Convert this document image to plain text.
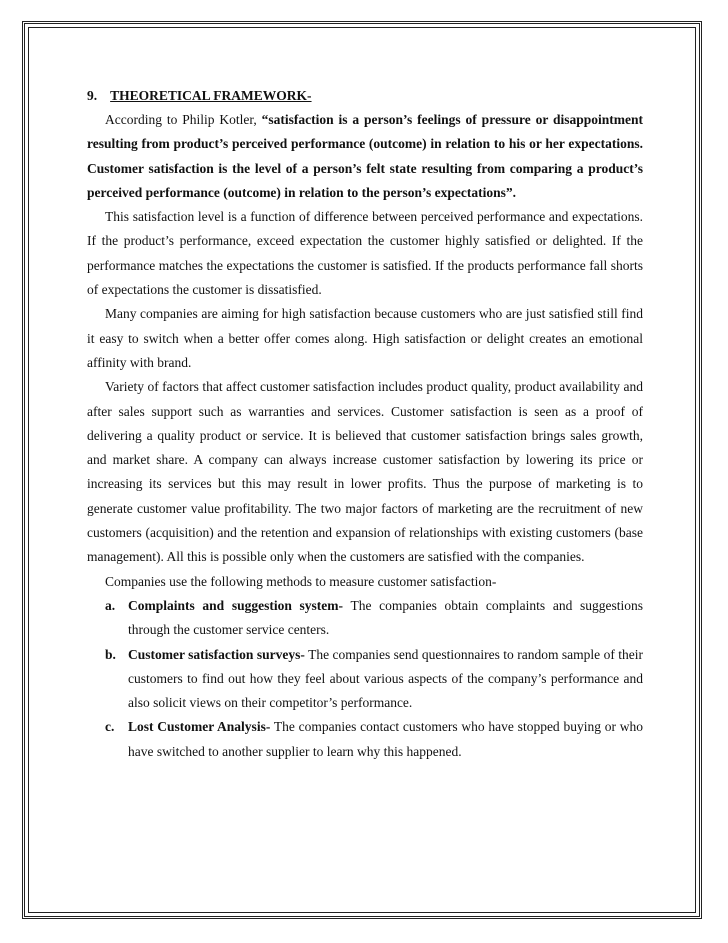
9. THEORETICAL FRAMEWORK-

According to Philip Kotler, “satisfaction is a person’s feelings of pressure or disappointment resulting from product’s perceived performance (outcome) in relation to his or her expectations. Customer satisfaction is the level of a person’s felt state resulting from comparing a product’s perceived performance (outcome) in relation to the person’s expectations”.

This satisfaction level is a function of difference between perceived performance and expectations. If the product’s performance, exceed expectation the customer highly satisfied or delighted. If the performance matches the expectations the customer is satisfied. If the products performance fall shorts of expectations the customer is dissatisfied.

Many companies are aiming for high satisfaction because customers who are just satisfied still find it easy to switch when a better offer comes along. High satisfaction or delight creates an emotional affinity with brand.

Variety of factors that affect customer satisfaction includes product quality, product availability and after sales support such as warranties and services. Customer satisfaction is seen as a proof of delivering a quality product or service. It is believed that customer satisfaction brings sales growth, and market share. A company can always increase customer satisfaction by lowering its price or increasing its services but this may result in lower profits. Thus the purpose of marketing is to generate customer value profitability. The two major factors of marketing are the recruitment of new customers (acquisition) and the retention and expansion of relationships with existing customers (base management). All this is possible only when the customers are satisfied with the companies.

Companies use the following methods to measure customer satisfaction-

a. Complaints and suggestion system- The companies obtain complaints and suggestions through the customer service centers.
b. Customer satisfaction surveys- The companies send questionnaires to random sample of their customers to find out how they feel about various aspects of the company’s performance and also solicit views on their competitor’s performance.
c. Lost Customer Analysis- The companies contact customers who have stopped buying or who have switched to another supplier to learn why this happened.
